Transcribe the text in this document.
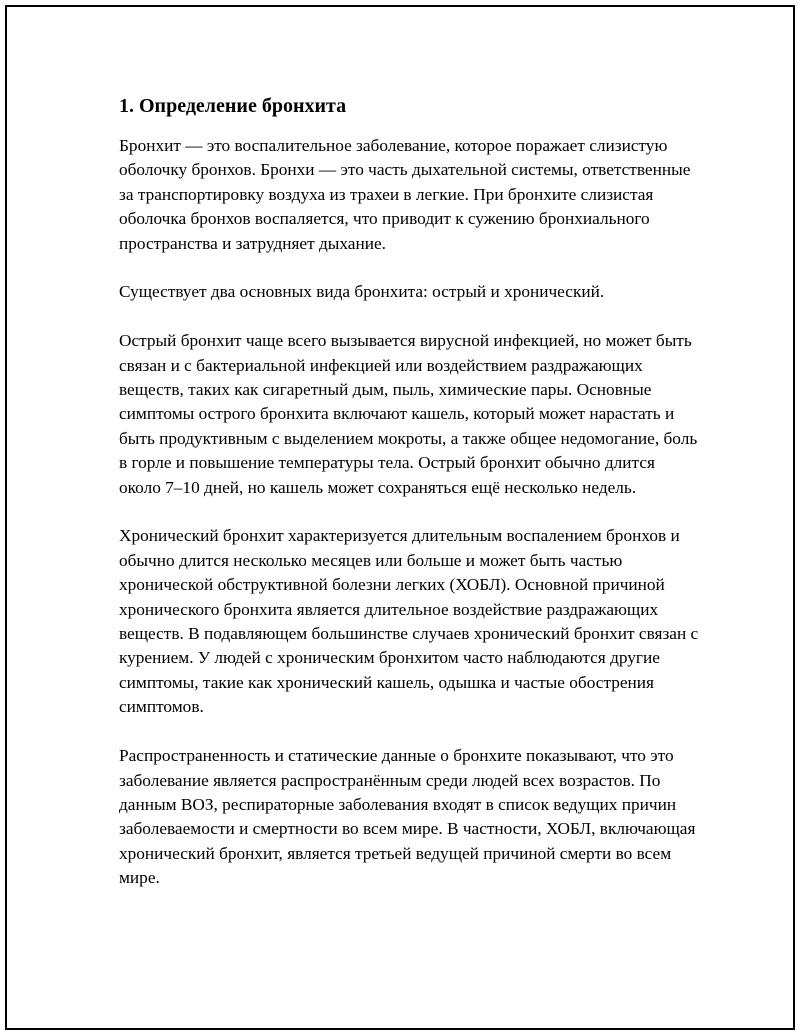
1. Определение бронхита

Бронхит — это воспалительное заболевание, которое поражает слизистую оболочку бронхов. Бронхи — это часть дыхательной системы, ответственные за транспортировку воздуха из трахеи в легкие. При бронхите слизистая оболочка бронхов воспаляется, что приводит к сужению бронхиального пространства и затрудняет дыхание.

Существует два основных вида бронхита: острый и хронический.

Острый бронхит чаще всего вызывается вирусной инфекцией, но может быть связан и с бактериальной инфекцией или воздействием раздражающих веществ, таких как сигаретный дым, пыль, химические пары. Основные симптомы острого бронхита включают кашель, который может нарастать и быть продуктивным с выделением мокроты, а также общее недомогание, боль в горле и повышение температуры тела. Острый бронхит обычно длится около 7–10 дней, но кашель может сохраняться ещё несколько недель.

Хронический бронхит характеризуется длительным воспалением бронхов и обычно длится несколько месяцев или больше и может быть частью хронической обструктивной болезни легких (ХОБЛ). Основной причиной хронического бронхита является длительное воздействие раздражающих веществ. В подавляющем большинстве случаев хронический бронхит связан с курением. У людей с хроническим бронхитом часто наблюдаются другие симптомы, такие как хронический кашель, одышка и частые обострения симптомов.

Распространенность и статические данные о бронхите показывают, что это заболевание является распространённым среди людей всех возрастов. По данным ВОЗ, респираторные заболевания входят в список ведущих причин заболеваемости и смертности во всем мире. В частности, ХОБЛ, включающая хронический бронхит, является третьей ведущей причиной смерти во всем мире.
